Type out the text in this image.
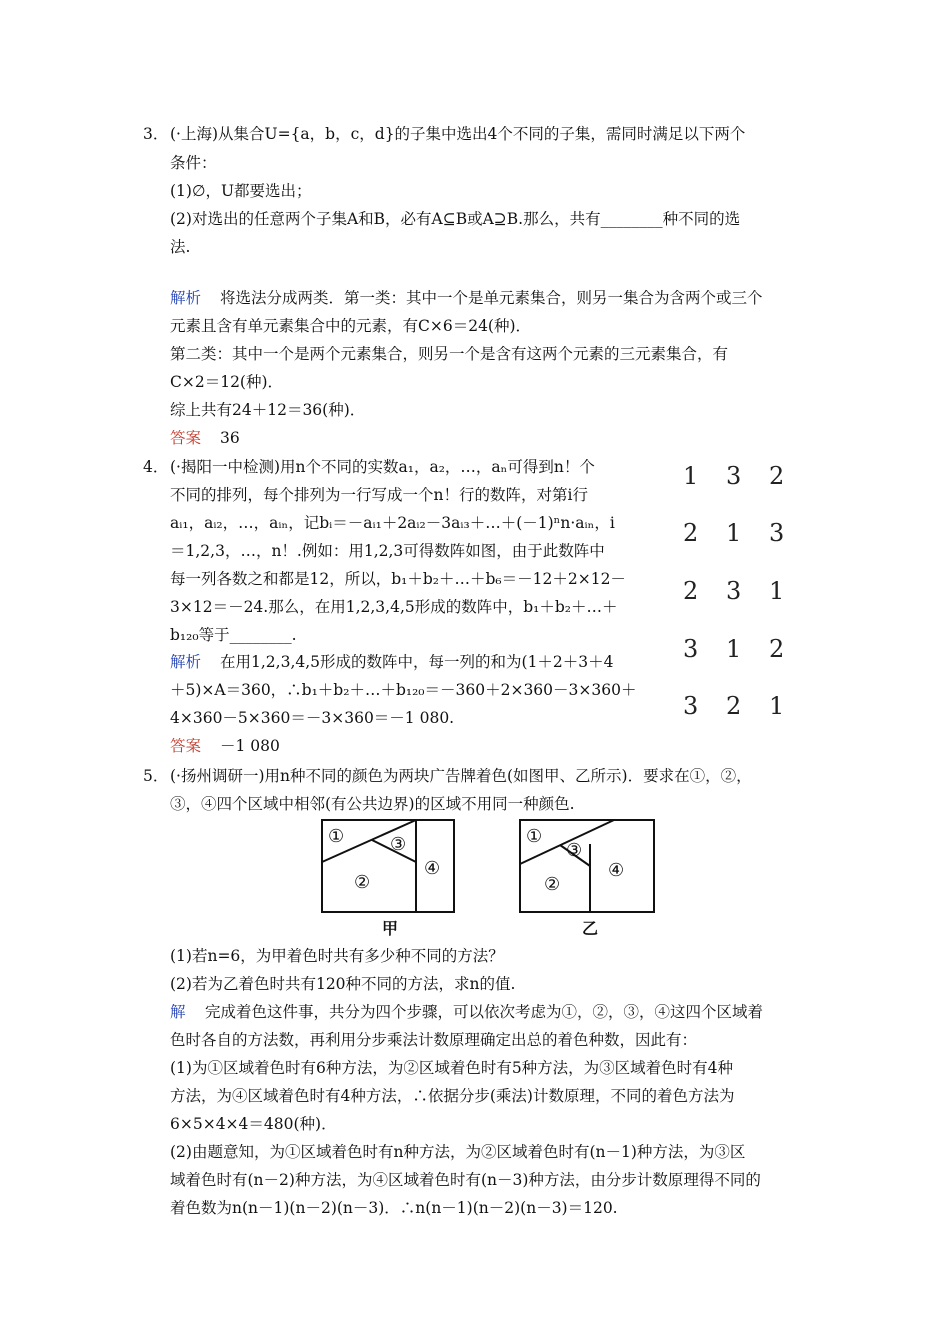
3． (·上海)从集合U={a，b，c，d}的子集中选出4个不同的子集，需同时满足以下两个
条件：
(1)∅，U都要选出；
(2)对选出的任意两个子集A和B，必有A⊆B或A⊇B.那么，共有________种不同的选
法.
解析 将选法分成两类．第一类：其中一个是单元素集合，则另一集合为含两个或三个
元素且含有单元素集合中的元素，有C×6＝24(种)．
第二类：其中一个是两个元素集合，则另一个是含有这两个元素的三元素集合，有
C×2＝12(种)．
综上共有24＋12＝36(种)．
答案 36
4． (·揭阳一中检测)用n个不同的实数a₁，a₂，…，aₙ可得到n！个
不同的排列，每个排列为一行写成一个n！行的数阵，对第i行
aᵢ₁，aᵢ₂，…，aᵢₙ，记bᵢ＝－aᵢ₁＋2aᵢ₂－3aᵢ₃＋…＋(－1)ⁿn·aᵢₙ，i
＝1,2,3，…，n！.例如：用1,2,3可得数阵如图，由于此数阵中
每一列各数之和都是12，所以，b₁＋b₂＋…＋b₆＝－12＋2×12－
3×12＝－24.那么，在用1,2,3,4,5形成的数阵中，b₁＋b₂＋…＋
b₁₂₀等于________.
解析 在用1,2,3,4,5形成的数阵中，每一列的和为(1＋2＋3＋4
＋5)×A＝360，∴b₁＋b₂＋…＋b₁₂₀＝－360＋2×360－3×360＋
4×360－5×360＝－3×360＝－1 080.
答案 －1 080
1 3 2
2 1 3
2 3 1
3 1 2
3 2 1
5． (·扬州调研一)用n种不同的颜色为两块广告牌着色(如图甲、乙所示)．要求在①，②，
③，④四个区域中相邻(有公共边界)的区域不用同一种颜色.
①	③
②
④
甲
①
③
②
④
乙
(1)若n=6，为甲着色时共有多少种不同的方法？
(2)若为乙着色时共有120种不同的方法，求n的值.
解 完成着色这件事，共分为四个步骤，可以依次考虑为①，②，③，④这四个区域着
色时各自的方法数，再利用分步乘法计数原理确定出总的着色种数，因此有：
(1)为①区域着色时有6种方法，为②区域着色时有5种方法，为③区域着色时有4种
方法，为④区域着色时有4种方法，∴依据分步(乘法)计数原理，不同的着色方法为
6×5×4×4＝480(种)．
(2)由题意知，为①区域着色时有n种方法，为②区域着色时有(n－1)种方法，为③区
域着色时有(n－2)种方法，为④区域着色时有(n－3)种方法，由分步计数原理得不同的
着色数为n(n－1)(n－2)(n－3)．∴n(n－1)(n－2)(n－3)＝120.
